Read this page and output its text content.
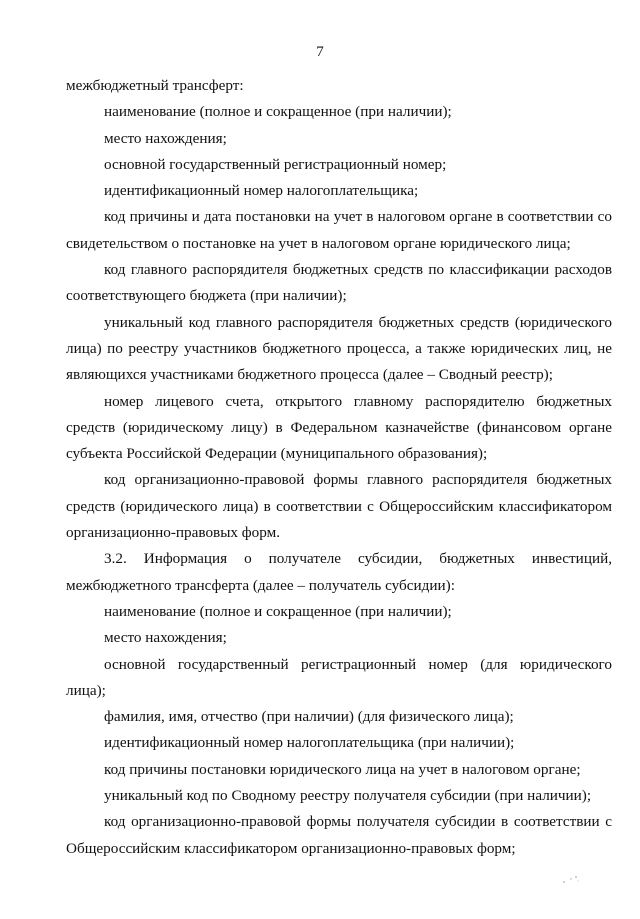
7

межбюджетный трансферт:

наименование (полное и сокращенное (при наличии);

место нахождения;

основной государственный регистрационный номер;

идентификационный номер налогоплательщика;

код причины и дата постановки на учет в налоговом органе в соответствии со свидетельством о постановке на учет в налоговом органе юридического лица;

код главного распорядителя бюджетных средств по классификации расходов соответствующего бюджета (при наличии);

уникальный код главного распорядителя бюджетных средств (юридического лица) по реестру участников бюджетного процесса, а также юридических лиц, не являющихся участниками бюджетного процесса (далее – Сводный реестр);

номер лицевого счета, открытого главному распорядителю бюджетных средств (юридическому лицу) в Федеральном казначействе (финансовом органе субъекта Российской Федерации (муниципального образования);

код организационно-правовой формы главного распорядителя бюджетных средств (юридического лица) в соответствии с Общероссийским классификатором организационно-правовых форм.

3.2. Информация о получателе субсидии, бюджетных инвестиций, межбюджетного трансферта (далее – получатель субсидии):

наименование (полное и сокращенное (при наличии);

место нахождения;

основной государственный регистрационный номер (для юридического лица);

фамилия, имя, отчество (при наличии) (для физического лица);

идентификационный номер налогоплательщика (при наличии);

код причины постановки юридического лица на учет в налоговом органе;

уникальный код по Сводному реестру получателя субсидии (при наличии);

код организационно-правовой формы получателя субсидии в соответствии с Общероссийским классификатором организационно-правовых форм;
